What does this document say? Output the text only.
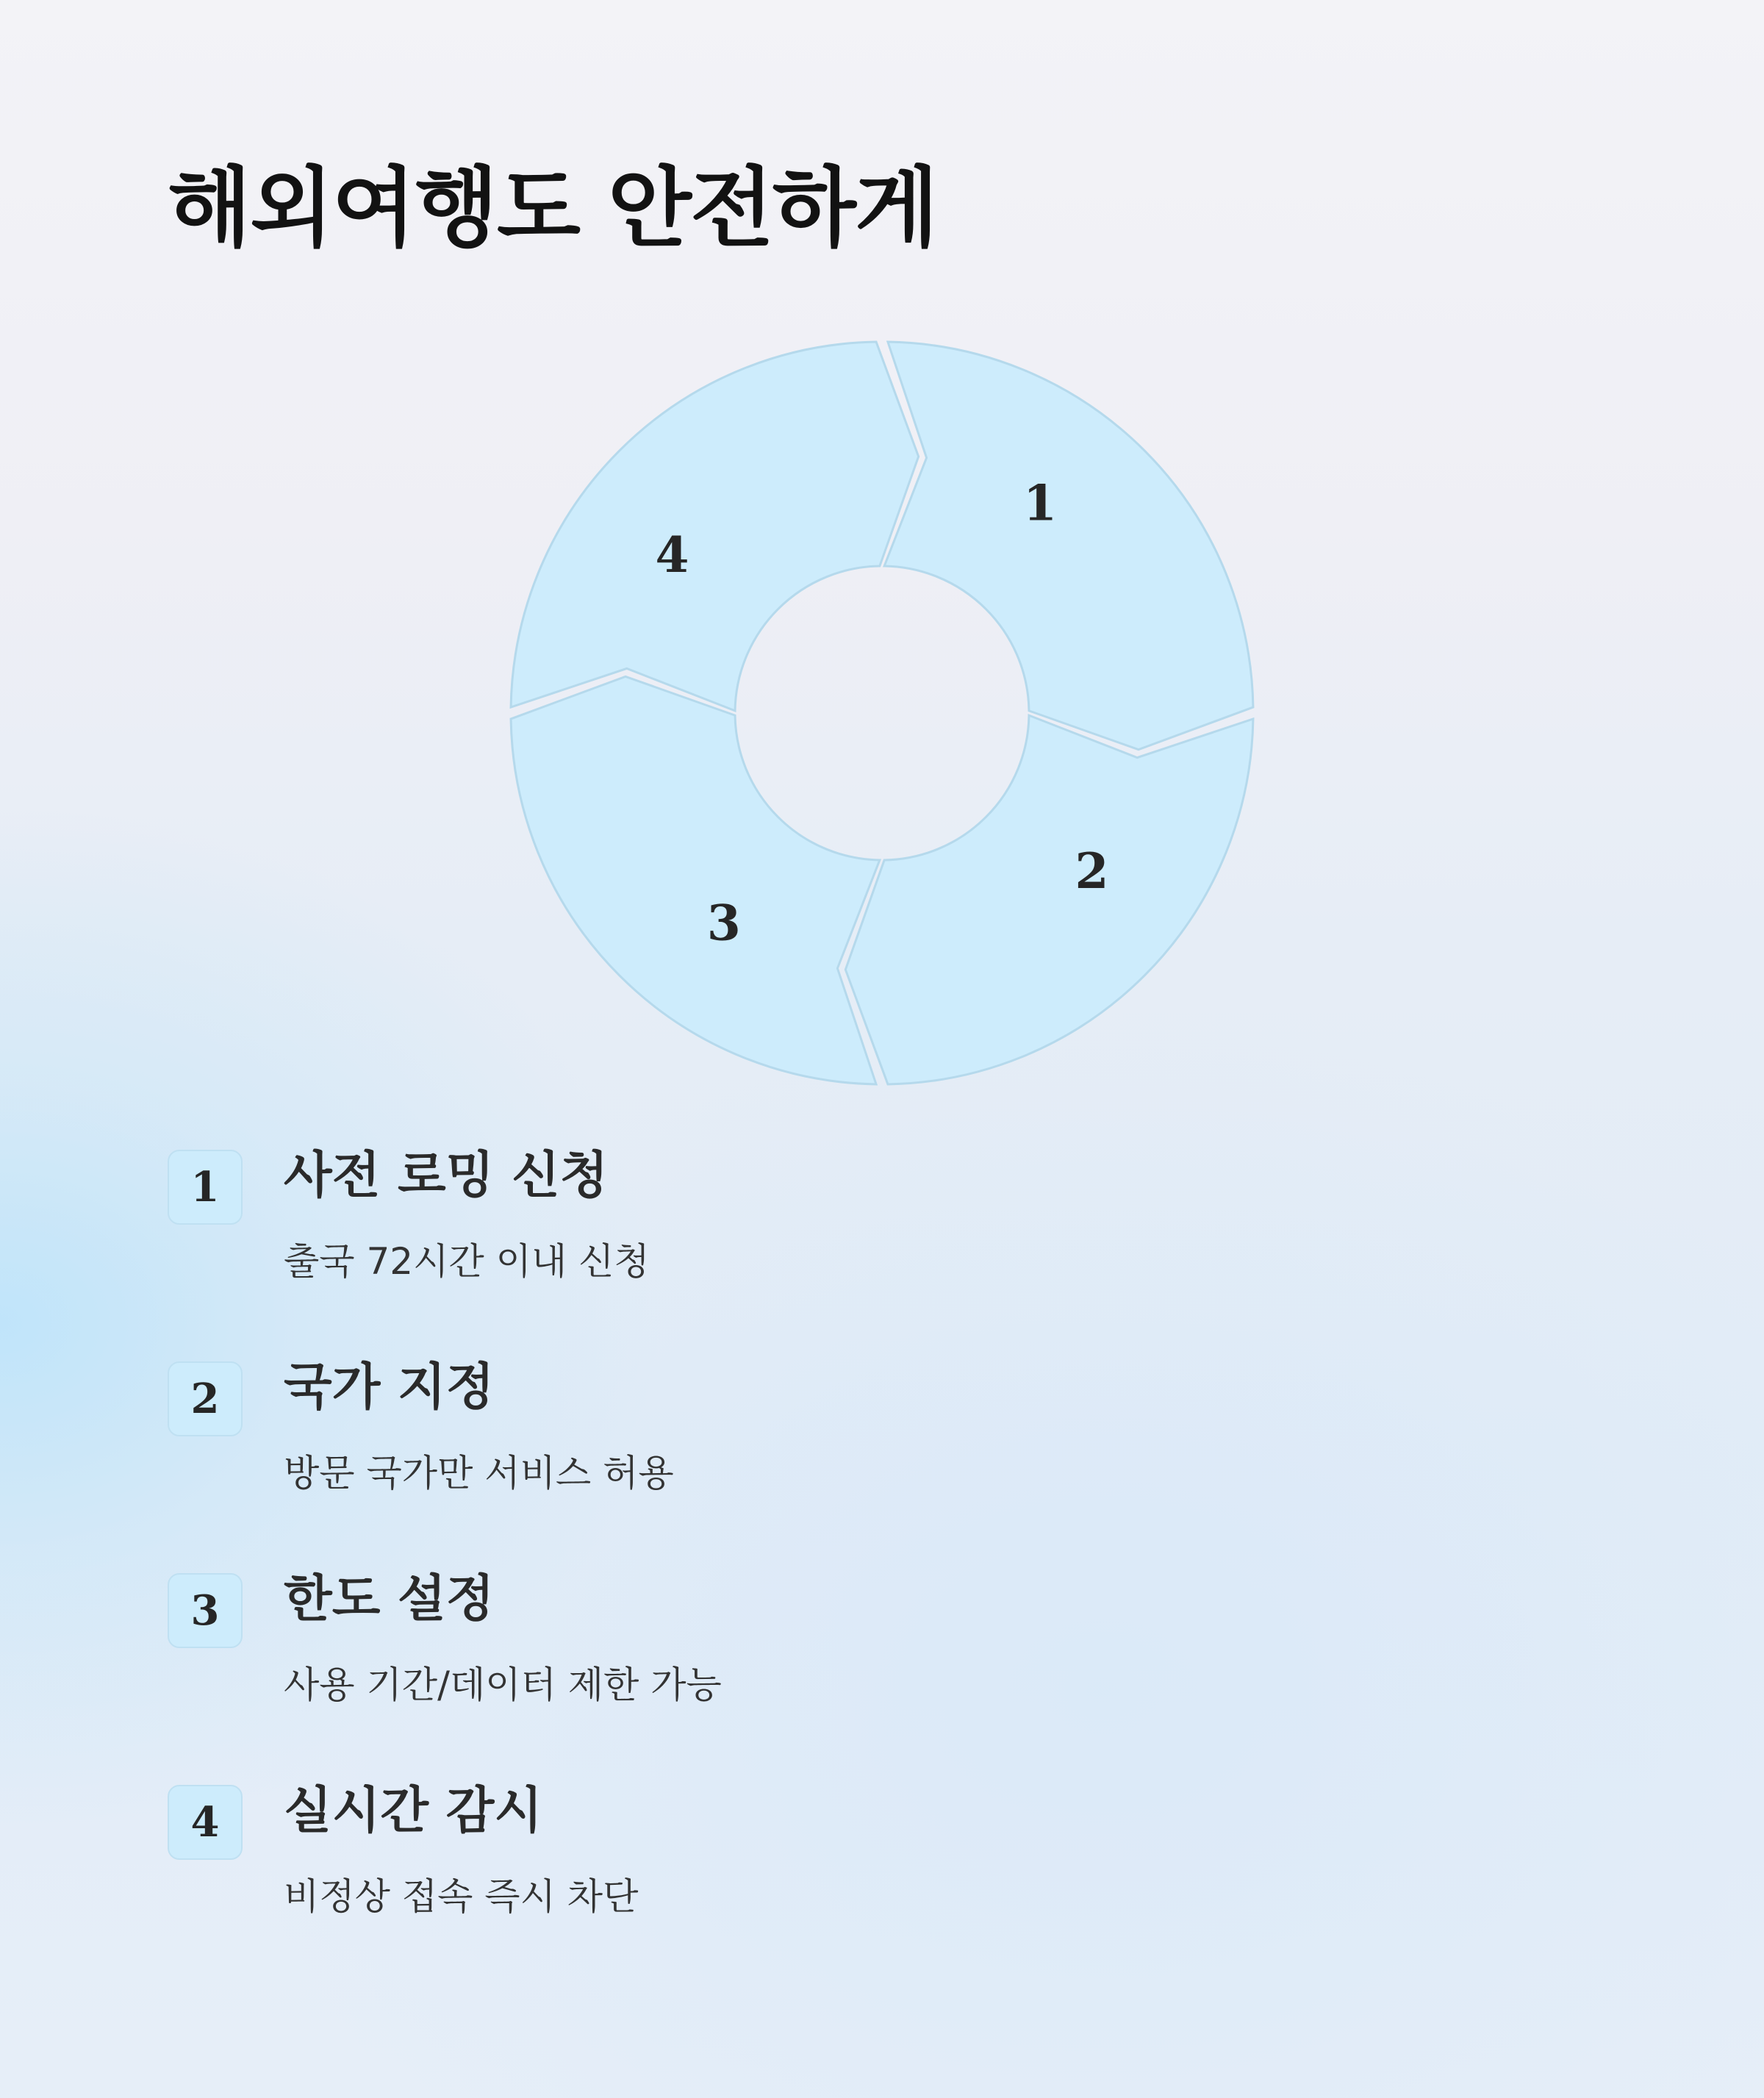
해외여행도 안전하게
1
2
3
4
1	사전 로밍 신청
출국 72시간 이내 신청
2	국가 지정
방문 국가만 서비스 허용
3	한도 설정
사용 기간/데이터 제한 가능
4	실시간 감시
비정상 접속 즉시 차단
